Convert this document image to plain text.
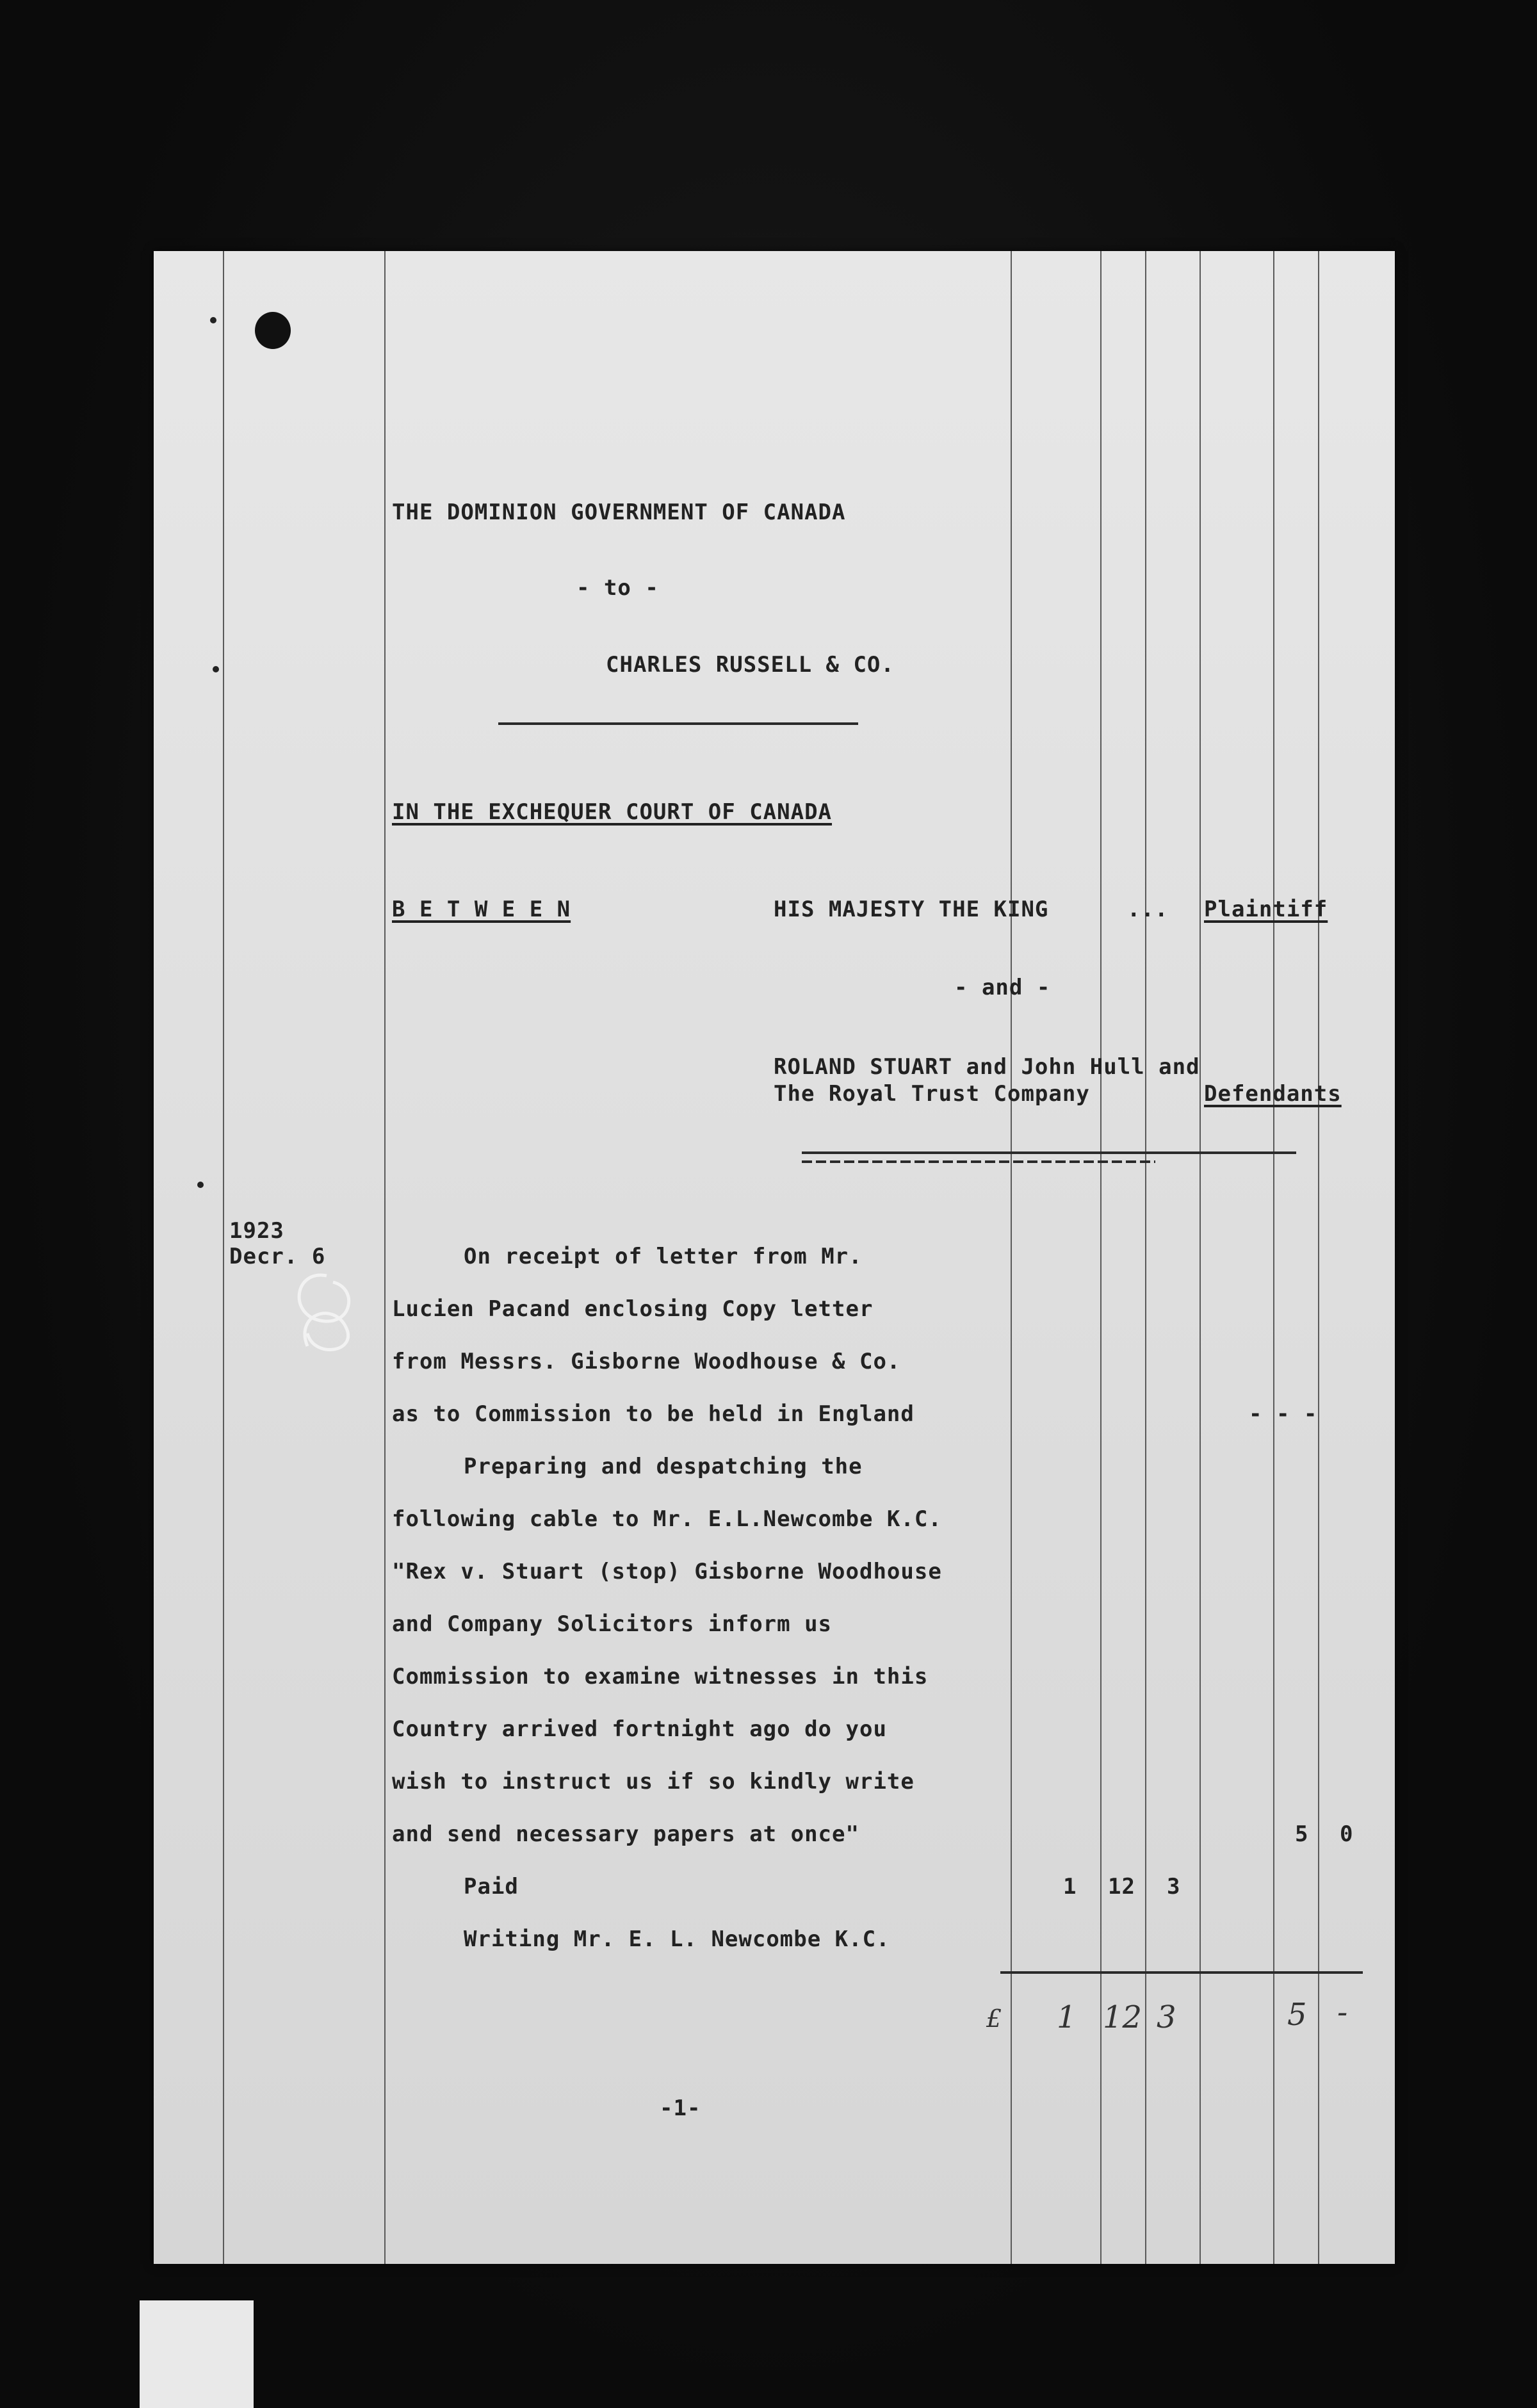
THE DOMINION GOVERNMENT OF CANADA
- to -
CHARLES RUSSELL & CO.
IN THE EXCHEQUER COURT OF CANADA
B E T W E E N	HIS MAJESTY THE KING	... Plaintiff
- and -
ROLAND STUART and John Hull and
The Royal Trust Company	Defendants
1923
Decr. 6	On receipt of letter from Mr.
Lucien Pacand enclosing Copy letter
from Messrs. Gisborne Woodhouse & Co.
as to Commission to be held in England	- - -
Preparing and despatching the
following cable to Mr. E.L.Newcombe K.C.
"Rex v. Stuart (stop) Gisborne Woodhouse
and Company Solicitors inform us
Commission to examine witnesses in this
Country arrived fortnight ago do you
wish to instruct us if so kindly write
and send necessary papers at once"	5 0
Paid	1 12 3
Writing Mr. E. L. Newcombe K.C.
£ 1 12 3	5 -
-1-
